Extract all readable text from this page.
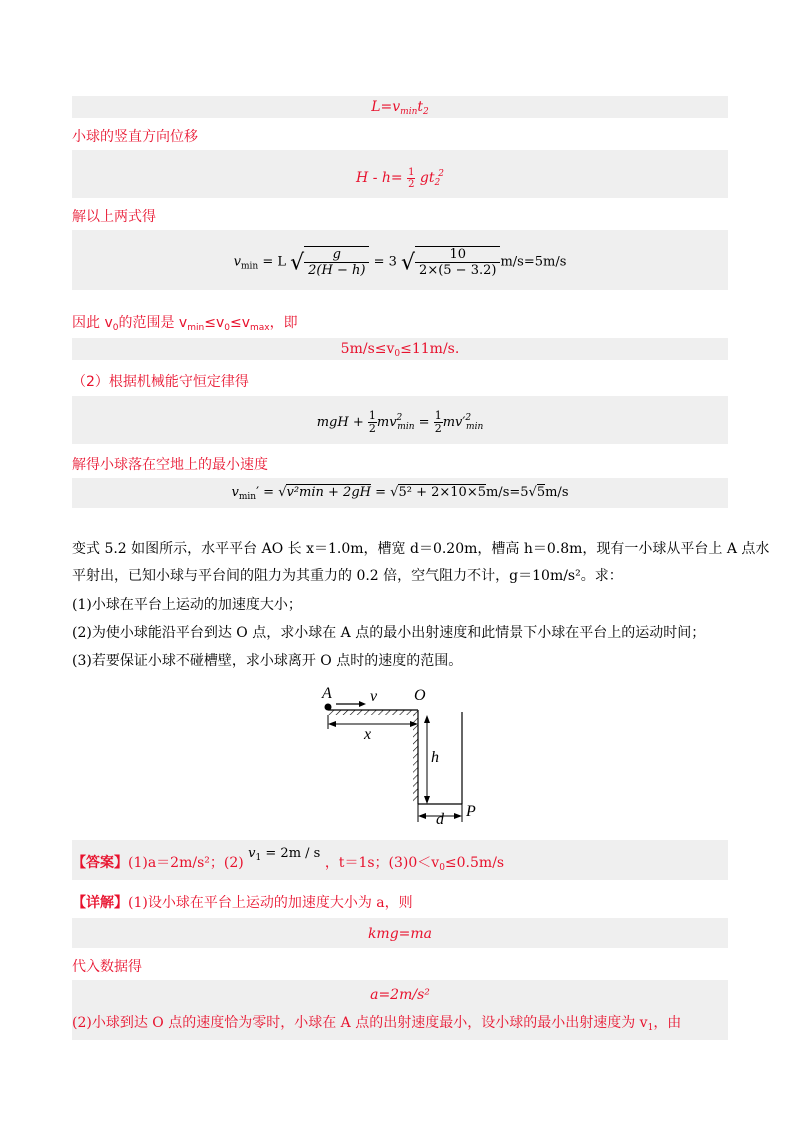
$L=v_{min}t_2$
小球的竖直方向位移
$H - h= \frac{1}{2} gt_2^2$
解以上两式得
$v_{min} = L$ √ $\frac{g}{2(H - h)} = 3$ √ $\frac{10}{2\times(5 - 3.2)} m/s=5m/s$
因此 $v_0$的范围是 $v_{min}\le v_0\le v_{max}$，即
$5m/s\le v_0\le 11m/s$.
（2）根据机械能守恒定律得
mgH + $\frac{1}{2} mv^2_{min} = \frac{1}{2} mv'^2_{min}$
解得小球落在空地上的最小速度
$v_{min}' = √v^2\min + 2gH = √5^2 + 2\times 10\times 5m/s=5√5m/s$
变式 5.2 如图所示，水平平台 AO 长 x＝1.0m，槽宽 d＝0.20m，槽高 h＝0.8m，现有一小球从平台上 A 点水
平射出，已知小球与平台间的阻力为其重力的 0.2 倍，空气阻力不计，g＝10m/s²。求：
(1)小球在平台上运动的加速度大小；
(2)为使小球能沿平台到达 O 点，求小球在 A 点的最小出射速度和此情景下小球在平台上的运动时间；
(3)若要保证小球不碰槽壁，求小球离开 O 点时的速度的范围。
A v O
x
h
d P
【答案】(1)a＝2m/s²；(2) $v_1 = 2m / s$ ，t＝1s；$(3)0<v_0\le 0.5m/s$
【详解】(1)设小球在平台上运动的加速度大小为 a，则
kmg=ma
代入数据得
a=2m/s²
(2)小球到达 O 点的速度恰为零时，小球在 A 点的出射速度最小，设小球的最小出射速度为 $v_1$，由
